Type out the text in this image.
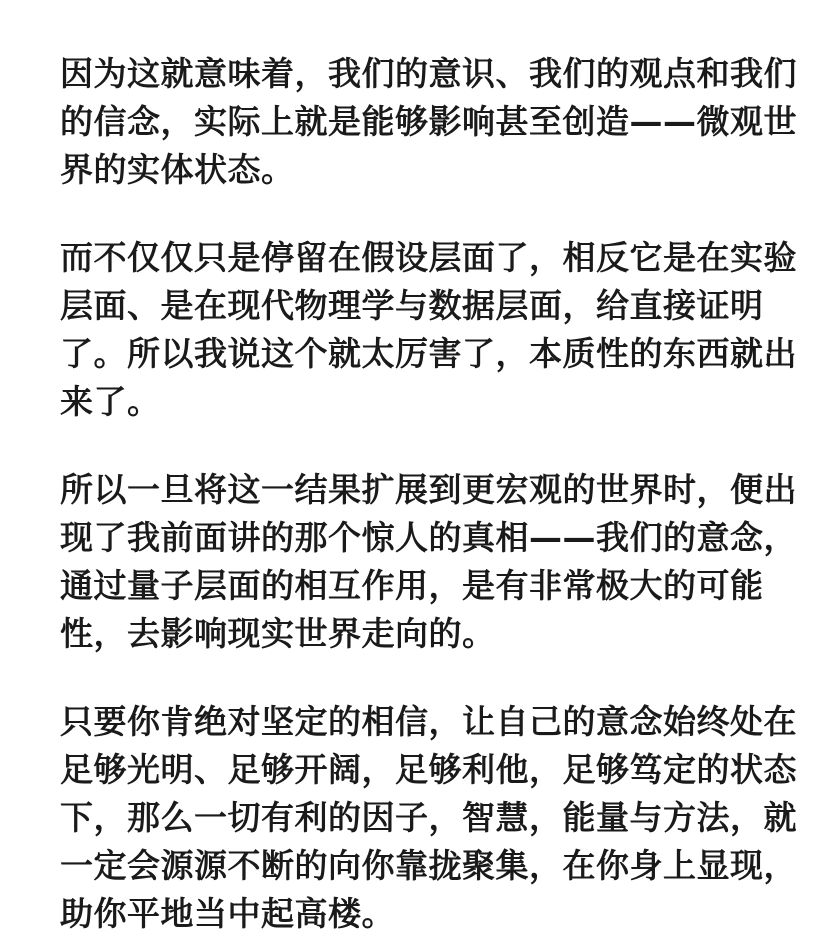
因为这就意味着，我们的意识、我们的观点和我们
的信念，实际上就是能够影响甚至创造——微观世
界的实体状态。

而不仅仅只是停留在假设层面了，相反它是在实验
层面、是在现代物理学与数据层面，给直接证明
了。所以我说这个就太厉害了，本质性的东西就出
来了。

所以一旦将这一结果扩展到更宏观的世界时，便出
现了我前面讲的那个惊人的真相——我们的意念，
通过量子层面的相互作用，是有非常极大的可能
性，去影响现实世界走向的。

只要你肯绝对坚定的相信，让自己的意念始终处在
足够光明、足够开阔，足够利他，足够笃定的状态
下，那么一切有利的因子，智慧，能量与方法，就
一定会源源不断的向你靠拢聚集，在你身上显现，
助你平地当中起高楼。
